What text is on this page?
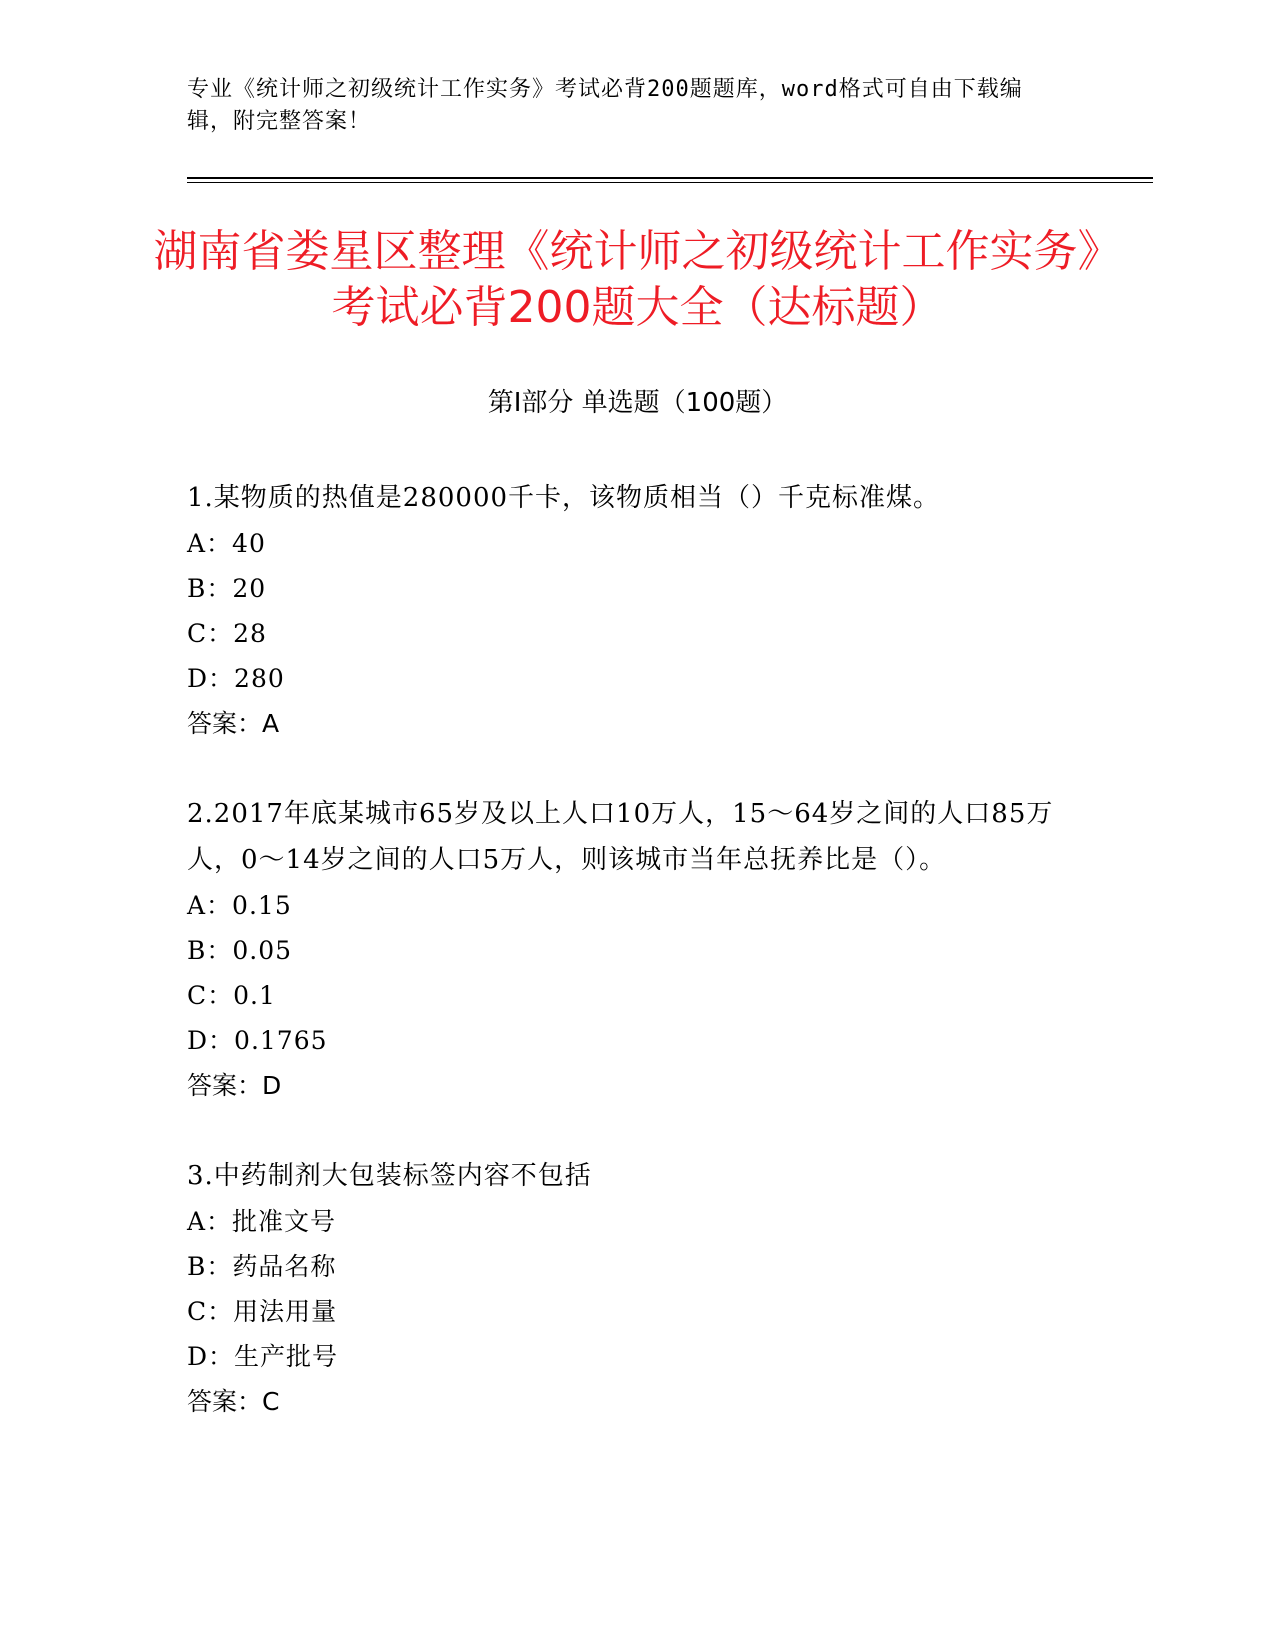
专业《统计师之初级统计工作实务》考试必背200题题库，word格式可自由下载编辑，附完整答案！
湖南省娄星区整理《统计师之初级统计工作实务》考试必背200题大全（达标题）
第Ⅰ部分 单选题（100题）
1.某物质的热值是280000千卡，该物质相当（）千克标准煤。
A：40
B：20
C：28
D：280
答案：A
2.2017年底某城市65岁及以上人口10万人，15～64岁之间的人口85万人，0～14岁之间的人口5万人，则该城市当年总抚养比是（）。
A：0.15
B：0.05
C：0.1
D：0.1765
答案：D
3.中药制剂大包装标签内容不包括
A：批准文号
B：药品名称
C：用法用量
D：生产批号
答案：C
